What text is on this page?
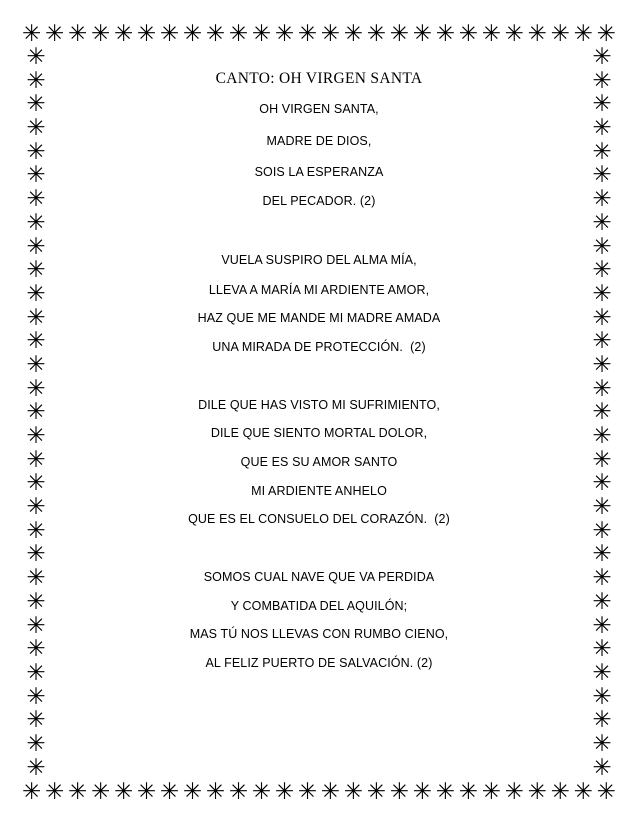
✳ ✳ ✳ ✳ ✳ ✳ ✳ ✳ ✳ ✳ ✳ ✳ ✳ ✳ ✳ ✳ ✳ ✳ ✳ ✳ ✳ ✳ ✳ ✳ ✳ ✳
✳ ✳ ✳ ✳ ✳ ✳ ✳ ✳ ✳ ✳ ✳ ✳ ✳ ✳ ✳ ✳ ✳ ✳ ✳ ✳ ✳ ✳ ✳ ✳ ✳ ✳
✳
✳
✳
✳
✳
✳
✳
✳
✳
✳
✳
✳
✳
✳
✳
✳
✳
✳
✳
✳
✳
✳
✳
✳
✳
✳
✳
✳
✳
✳
✳
✳
✳
✳
✳
✳
✳
✳
✳
✳
✳
✳
✳
✳
✳
✳
✳
✳
✳
✳
✳
✳
✳
✳
✳
✳
✳
✳
✳
✳
✳
✳
CANTO: OH VIRGEN SANTA
OH VIRGEN SANTA,
MADRE DE DIOS,
SOIS LA ESPERANZA
DEL PECADOR. (2)
VUELA SUSPIRO DEL ALMA MÍA,
LLEVA A MARÍA MI ARDIENTE AMOR,
HAZ QUE ME MANDE MI MADRE AMADA
UNA MIRADA DE PROTECCIÓN.  (2)
DILE QUE HAS VISTO MI SUFRIMIENTO,
DILE QUE SIENTO MORTAL DOLOR,
QUE ES SU AMOR SANTO
MI ARDIENTE ANHELO
QUE ES EL CONSUELO DEL CORAZÓN.  (2)
SOMOS CUAL NAVE QUE VA PERDIDA
Y COMBATIDA DEL AQUILÓN;
MAS TÚ NOS LLEVAS CON RUMBO CIENO,
AL FELIZ PUERTO DE SALVACIÓN. (2)
